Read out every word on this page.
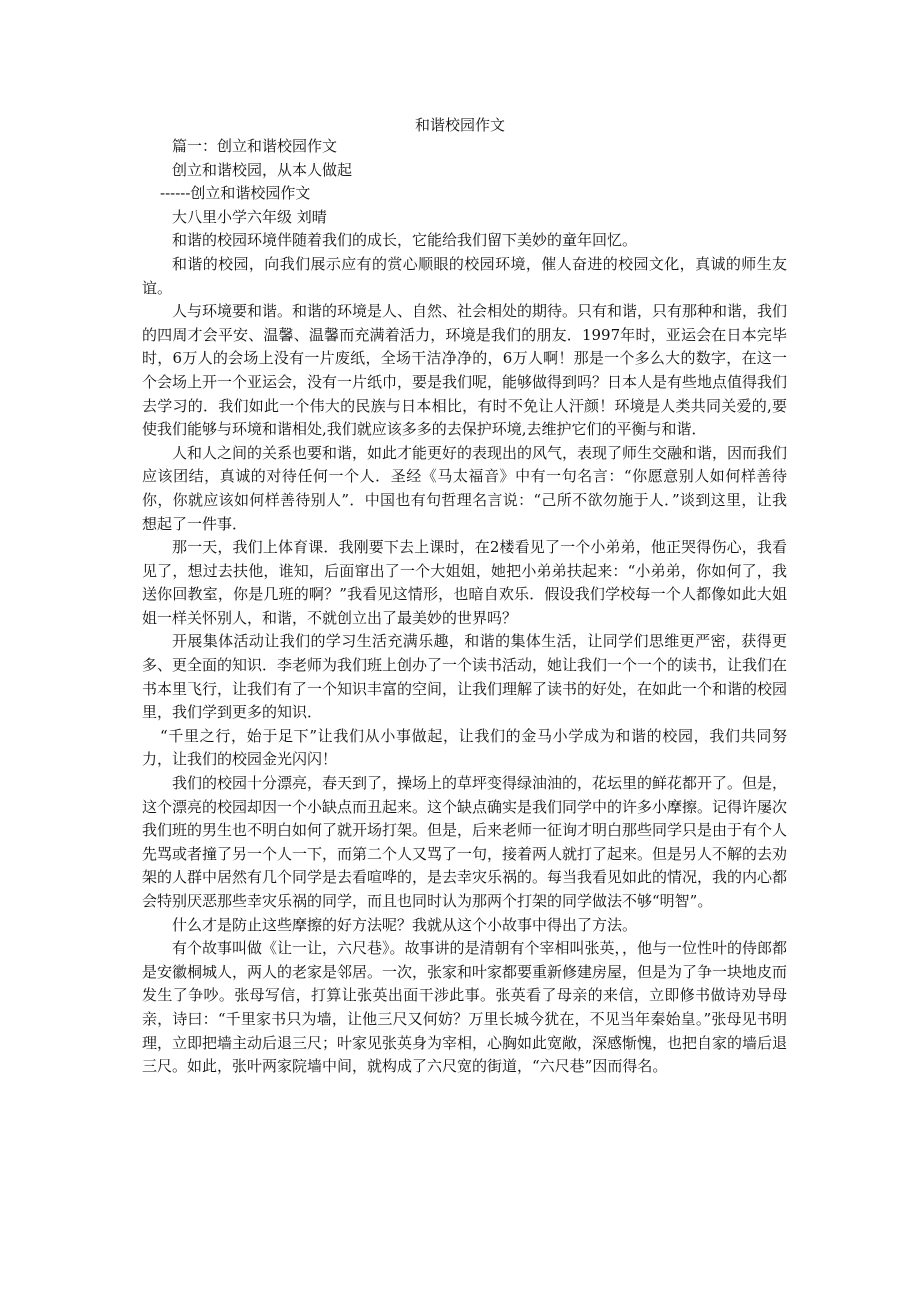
和谐校园作文

篇一：创立和谐校园作文

创立和谐校园，从本人做起

------创立和谐校园作文

大八里小学六年级 刘晴

和谐的校园环境伴随着我们的成长，它能给我们留下美妙的童年回忆。

和谐的校园，向我们展示应有的赏心顺眼的校园环境，催人奋进的校园文化，真诚的师生友谊。

人与环境要和谐。和谐的环境是人、自然、社会相处的期待。只有和谐，只有那种和谐，我们的四周才会平安、温馨、温馨而充满着活力，环境是我们的朋友．1997年时，亚运会在日本完毕时，6万人的会场上没有一片废纸，全场干洁净净的，6万人啊！那是一个多么大的数字，在这一个会场上开一个亚运会，没有一片纸巾，要是我们呢，能够做得到吗？日本人是有些地点值得我们去学习的．我们如此一个伟大的民族与日本相比，有时不免让人汗颜！环境是人类共同关爱的,要使我们能够与环境和谐相处,我们就应该多多的去保护环境,去维护它们的平衡与和谐．

人和人之间的关系也要和谐，如此才能更好的表现出的风气，表现了师生交融和谐，因而我们应该团结，真诚的对待任何一个人．圣经《马太福音》中有一句名言：“你愿意别人如何样善待你，你就应该如何样善待别人”．中国也有句哲理名言说：“己所不欲勿施于人．”谈到这里，让我想起了一件事．

那一天，我们上体育课．我刚要下去上课时，在2楼看见了一个小弟弟，他正哭得伤心，我看见了，想过去扶他，谁知，后面窜出了一个大姐姐，她把小弟弟扶起来：“小弟弟，你如何了，我送你回教室，你是几班的啊？”我看见这情形，也暗自欢乐．假设我们学校每一个人都像如此大姐姐一样关怀别人，和谐，不就创立出了最美妙的世界吗？

开展集体活动让我们的学习生活充满乐趣，和谐的集体生活，让同学们思维更严密，获得更多、更全面的知识．李老师为我们班上创办了一个读书活动，她让我们一个一个的读书，让我们在书本里飞行，让我们有了一个知识丰富的空间，让我们理解了读书的好处，在如此一个和谐的校园里，我们学到更多的知识．

“千里之行，始于足下”让我们从小事做起，让我们的金马小学成为和谐的校园，我们共同努力，让我们的校园金光闪闪！

我们的校园十分漂亮，春天到了，操场上的草坪变得绿油油的，花坛里的鲜花都开了。但是，这个漂亮的校园却因一个小缺点而丑起来。这个缺点确实是我们同学中的许多小摩擦。记得许屡次我们班的男生也不明白如何了就开场打架。但是，后来老师一征询才明白那些同学只是由于有个人先骂或者撞了另一个人一下，而第二个人又骂了一句，接着两人就打了起来。但是另人不解的去劝架的人群中居然有几个同学是去看喧哗的，是去幸灾乐祸的。每当我看见如此的情况，我的内心都会特别厌恶那些幸灾乐祸的同学，而且也同时认为那两个打架的同学做法不够“明智”。

什么才是防止这些摩擦的好方法呢？我就从这个小故事中得出了方法。

有个故事叫做《让一让，六尺巷》。故事讲的是清朝有个宰相叫张英，，他与一位性叶的侍郎都是安徽桐城人，两人的老家是邻居。一次，张家和叶家都要重新修建房屋，但是为了争一块地皮而发生了争吵。张母写信，打算让张英出面干涉此事。张英看了母亲的来信，立即修书做诗劝导母亲，诗曰：“千里家书只为墙，让他三尺又何妨？万里长城今犹在，不见当年秦始皇。”张母见书明理，立即把墙主动后退三尺；叶家见张英身为宰相，心胸如此宽敞，深感惭愧，也把自家的墙后退三尺。如此，张叶两家院墙中间，就构成了六尺宽的街道，“六尺巷”因而得名。
